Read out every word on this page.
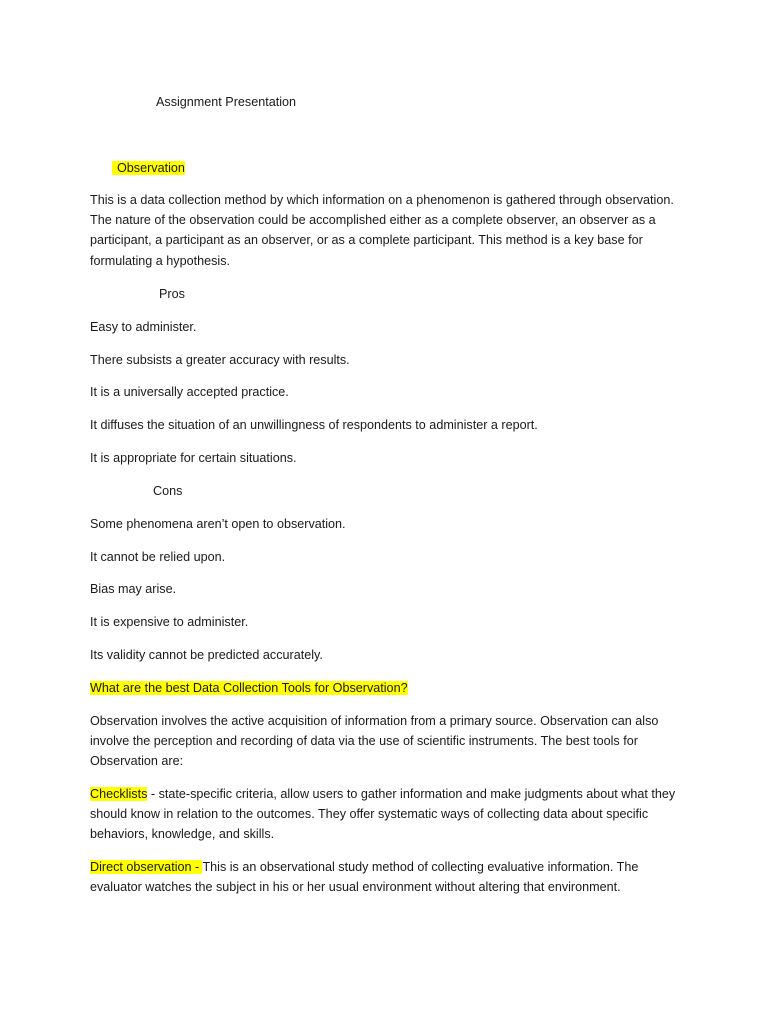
Assignment Presentation
Observation
This is a data collection method by which information on a phenomenon is gathered through observation. The nature of the observation could be accomplished either as a complete observer, an observer as a participant, a participant as an observer, or as a complete participant. This method is a key base for formulating a hypothesis.
Pros
Easy to administer.
There subsists a greater accuracy with results.
It is a universally accepted practice.
It diffuses the situation of an unwillingness of respondents to administer a report.
It is appropriate for certain situations.
Cons
Some phenomena aren’t open to observation.
It cannot be relied upon.
Bias may arise.
It is expensive to administer.
Its validity cannot be predicted accurately.
What are the best Data Collection Tools for Observation?
Observation involves the active acquisition of information from a primary source. Observation can also involve the perception and recording of data via the use of scientific instruments. The best tools for Observation are:
Checklists - state-specific criteria, allow users to gather information and make judgments about what they should know in relation to the outcomes. They offer systematic ways of collecting data about specific behaviors, knowledge, and skills.
Direct observation - This is an observational study method of collecting evaluative information. The evaluator watches the subject in his or her usual environment without altering that environment.
